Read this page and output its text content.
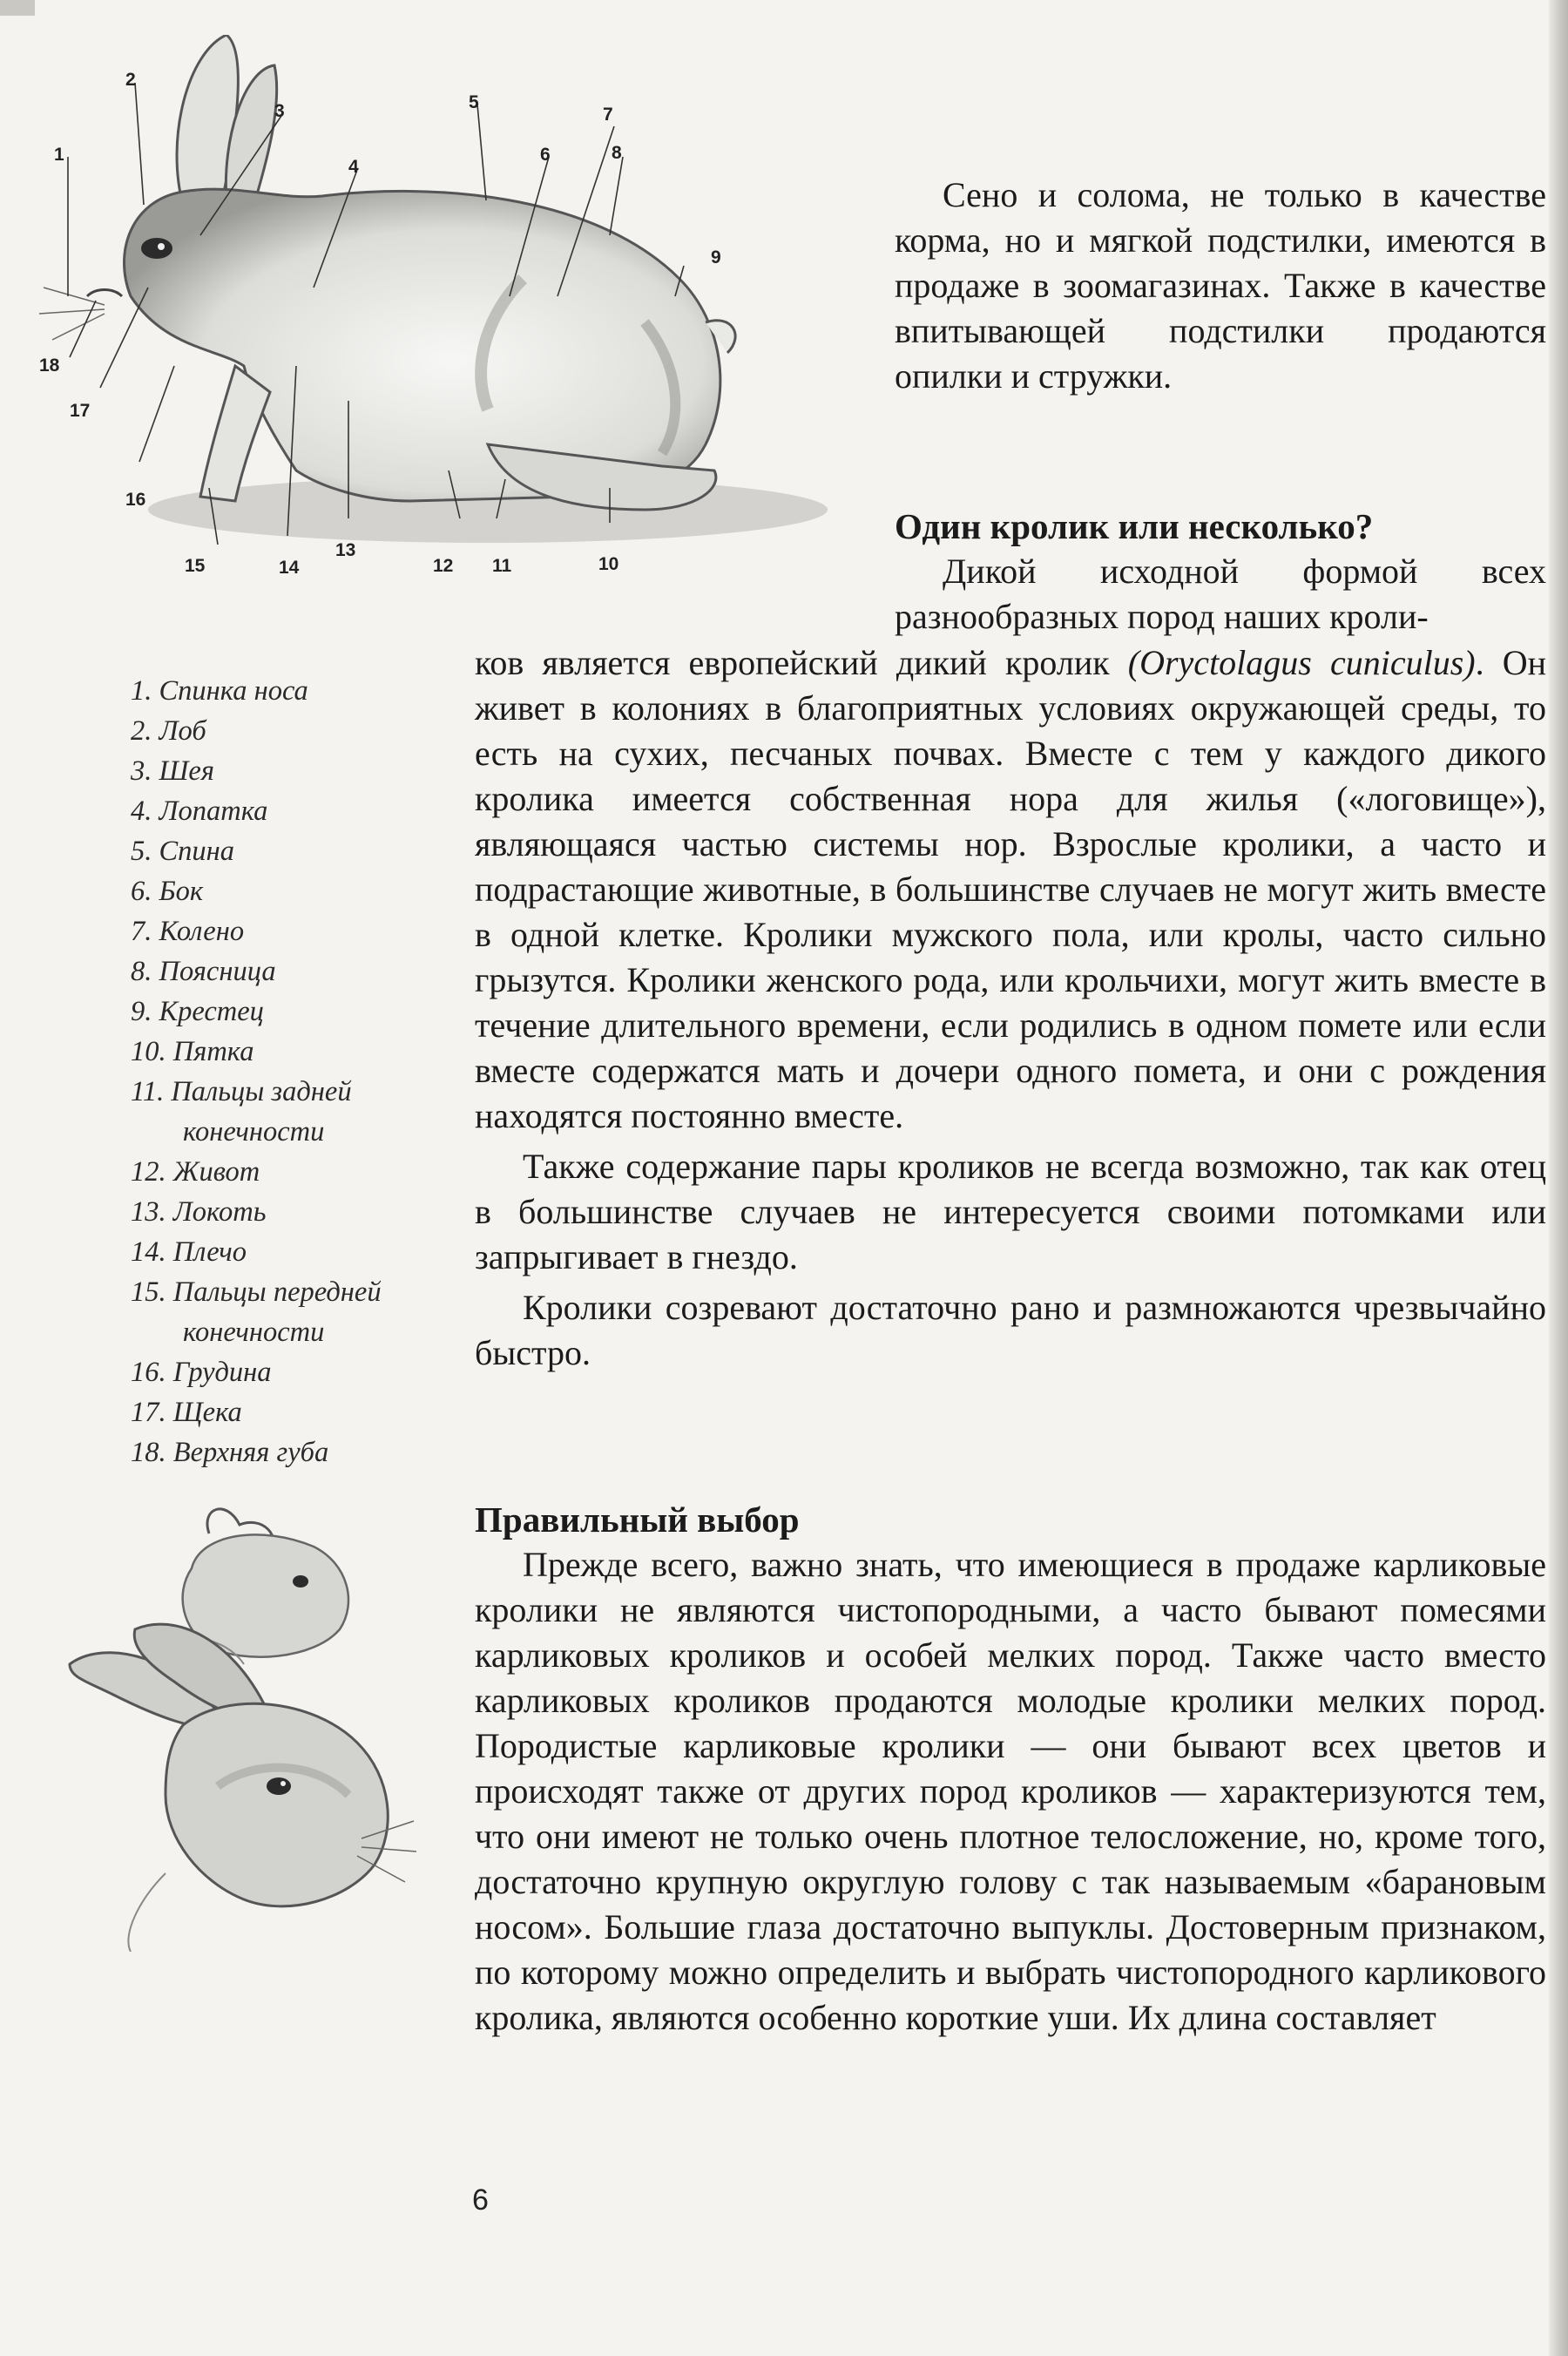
1
2
3
4
5
6
7
8
9
10
11
12
13
14
15
16
17
18
1. Спинка носа
2. Лоб
3. Шея
4. Лопатка
5. Спина
6. Бок
7. Колено
8. Поясница
9. Крестец
10. Пятка
11. Пальцы задней
конечности
12. Живот
13. Локоть
14. Плечо
15. Пальцы передней
конечности
16. Грудина
17. Щека
18. Верхняя губа

Сено и солома, не только в качестве корма, но и мягкой подстилки, имеются в продаже в зоомагазинах. Также в качестве впитывающей подстилки продаются опилки и стружки.

Один кролик или несколько?

Дикой исходной формой всех разнообразных пород наших кроли-

ков является европейский дикий кролик (Oryctolagus cuniculus). Он живет в колониях в благоприятных условиях окружающей среды, то есть на сухих, песчаных почвах. Вместе с тем у каждого дикого кролика имеется собственная нора для жилья («логовище»), являющаяся частью системы нор. Взрослые кролики, а часто и подрастающие животные, в большинстве случаев не могут жить вместе в одной клетке. Кролики мужского пола, или кролы, часто сильно грызутся. Кролики женского рода, или крольчихи, могут жить вместе в течение длительного времени, если родились в одном помете или если вместе содержатся мать и дочери одного помета, и они с рождения находятся постоянно вместе.

Также содержание пары кроликов не всегда возможно, так как отец в большинстве случаев не интересуется своими потомками или запрыгивает в гнездо.

Кролики созревают достаточно рано и размножаются чрезвычайно быстро.

Правильный выбор

Прежде всего, важно знать, что имеющиеся в продаже карликовые кролики не являются чистопородными, а часто бывают помесями карликовых кроликов и особей мелких пород. Также часто вместо карликовых кроликов продаются молодые кролики мелких пород. Породистые карликовые кролики — они бывают всех цветов и происходят также от других пород кроликов — характеризуются тем, что они имеют не только очень плотное телосложение, но, кроме того, достаточно крупную округлую голову с так называемым «барановым носом». Большие глаза достаточно выпуклы. Достоверным признаком, по которому можно определить и выбрать чистопородного карликового кролика, являются особенно короткие уши. Их длина составляет

6
